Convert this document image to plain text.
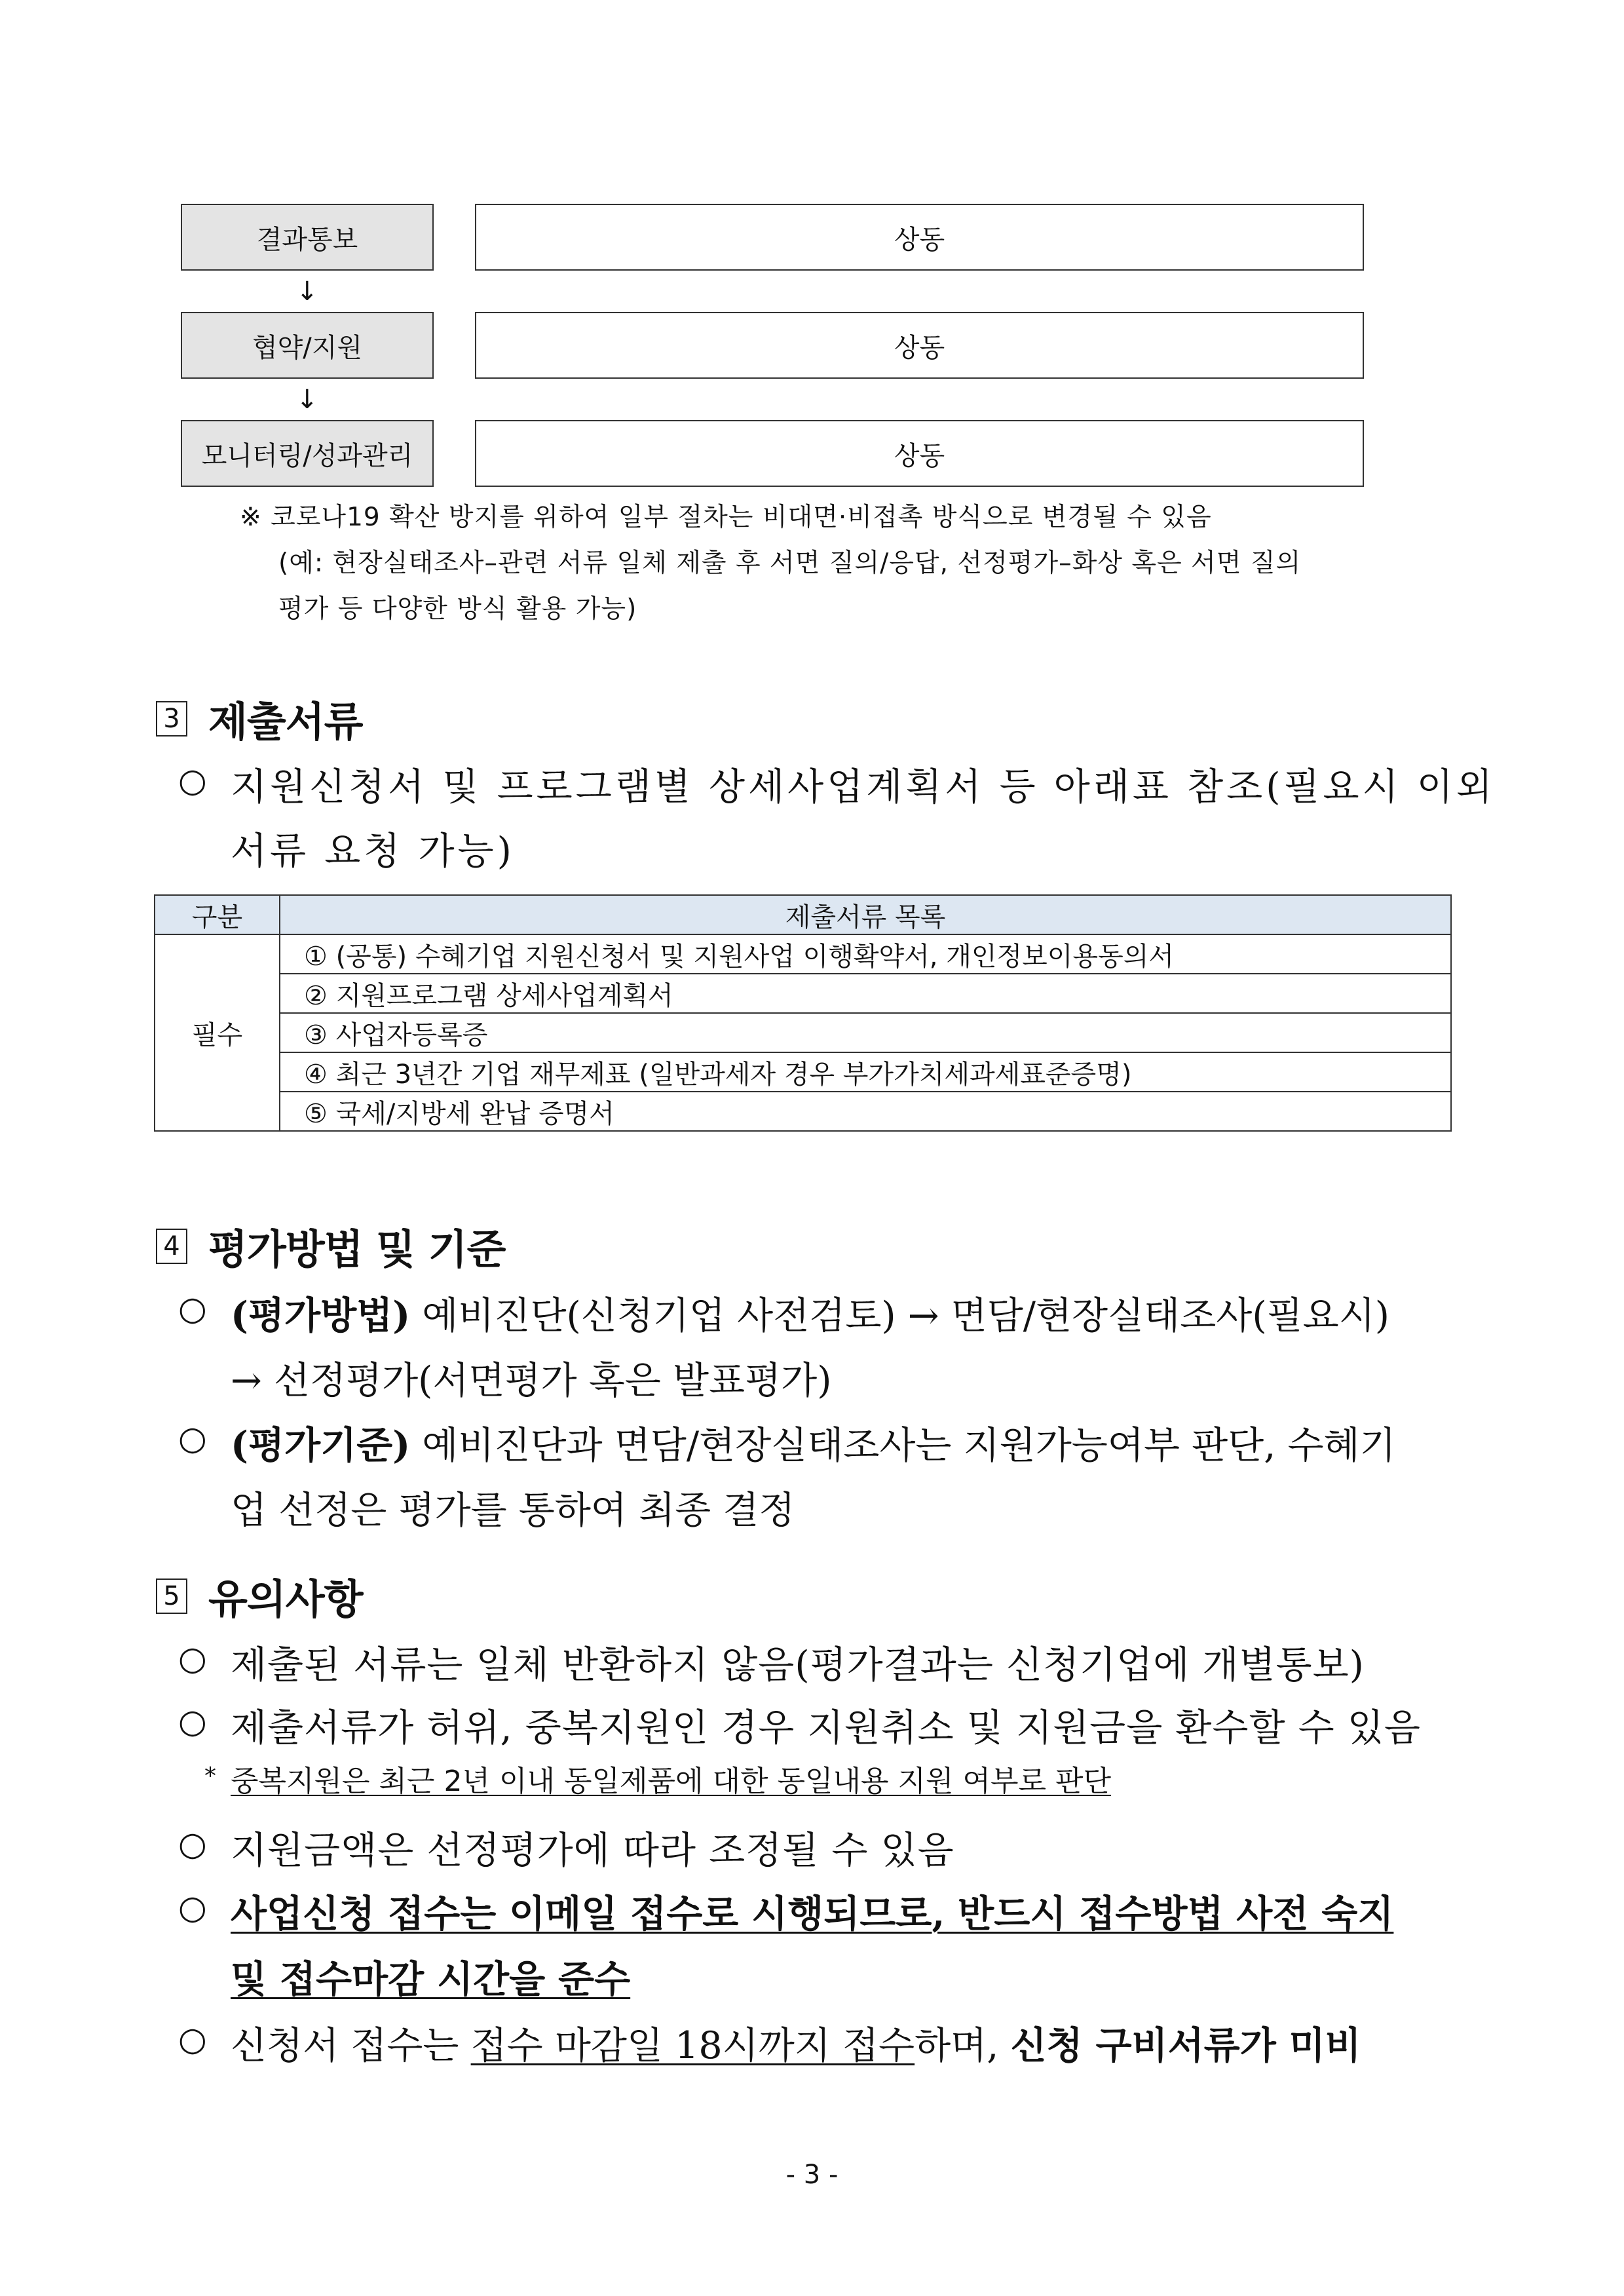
결과통보	상동
↓
협약/지원	상동
↓
모니터링/성과관리	상동
※ 코로나19 확산 방지를 위하여 일부 절차는 비대면·비접촉 방식으로 변경될 수 있음
(예: 현장실태조사–관련 서류 일체 제출 후 서면 질의/응답, 선정평가–화상 혹은 서면 질의
평가 등 다양한 방식 활용 가능)
3 제출서류
○ 지원신청서 및 프로그램별 상세사업계획서 등 아래표 참조(필요시 이외
서류 요청 가능)
구분	제출서류 목록
필수	① (공통) 수혜기업 지원신청서 및 지원사업 이행확약서, 개인정보이용동의서
	② 지원프로그램 상세사업계획서
	③ 사업자등록증
	④ 최근 3년간 기업 재무제표 (일반과세자 경우 부가가치세과세표준증명)
	⑤ 국세/지방세 완납 증명서
4 평가방법 및 기준
○ (평가방법) 예비진단(신청기업 사전검토) → 면담/현장실태조사(필요시)
→ 선정평가(서면평가 혹은 발표평가)
○ (평가기준) 예비진단과 면담/현장실태조사는 지원가능여부 판단, 수혜기
업 선정은 평가를 통하여 최종 결정
5 유의사항
○ 제출된 서류는 일체 반환하지 않음(평가결과는 신청기업에 개별통보)
○ 제출서류가 허위, 중복지원인 경우 지원취소 및 지원금을 환수할 수 있음
* 중복지원은 최근 2년 이내 동일제품에 대한 동일내용 지원 여부로 판단
○ 지원금액은 선정평가에 따라 조정될 수 있음
○ 사업신청 접수는 이메일 접수로 시행되므로, 반드시 접수방법 사전 숙지
및 접수마감 시간을 준수
○ 신청서 접수는 접수 마감일 18시까지 접수하며, 신청 구비서류가 미비
- 3 -
